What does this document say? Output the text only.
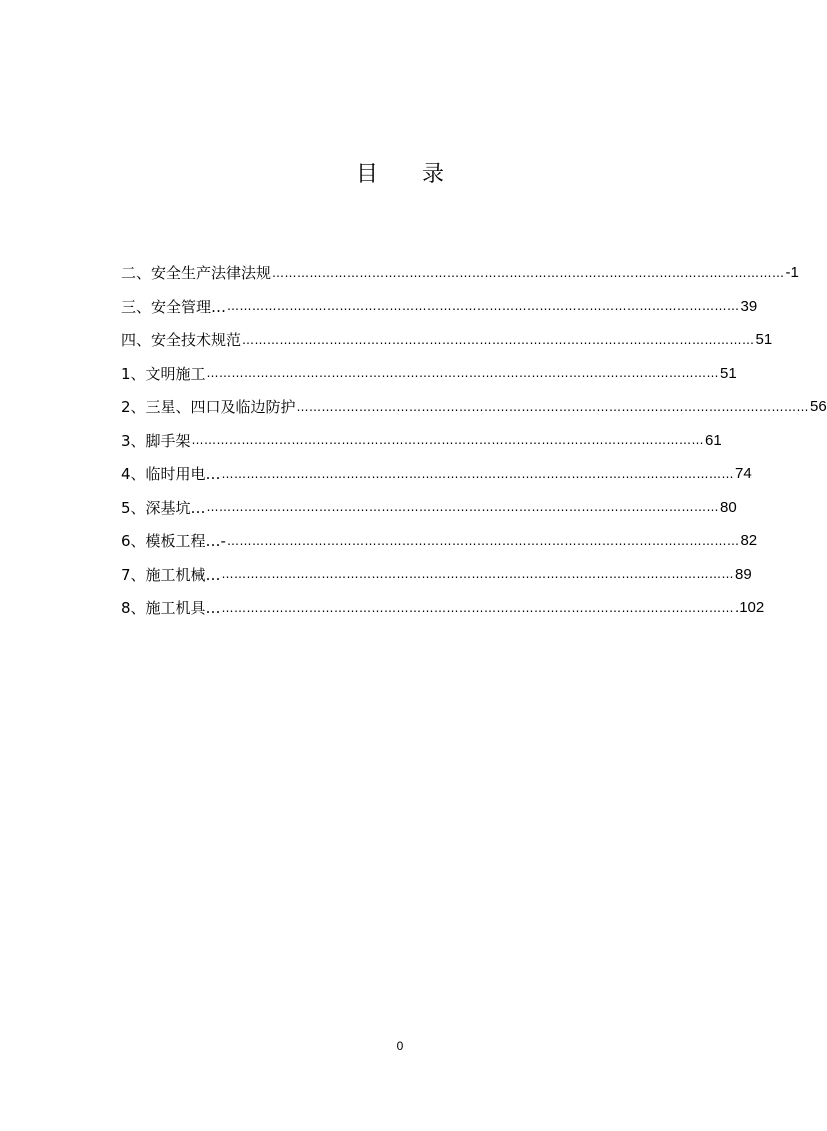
目 录
二、安全生产法律法规 …………………………………………………………………………………………………………… -1
三、安全管理… …………………………………………………………………………………………………………… 39
四、安全技术规范 …………………………………………………………………………………………………………… 51
1、文明施工 …………………………………………………………………………………………………………… 51
2、三星、四口及临边防护 …………………………………………………………………………………………………………… 56
3、脚手架 …………………………………………………………………………………………………………… 61
4、临时用电… …………………………………………………………………………………………………………… 74
5、深基坑… …………………………………………………………………………………………………………… 80
6、模板工程…- …………………………………………………………………………………………………………… 82
7、施工机械… …………………………………………………………………………………………………………… 89
8、施工机具… …………………………………………………………………………………………………………… .102
0
